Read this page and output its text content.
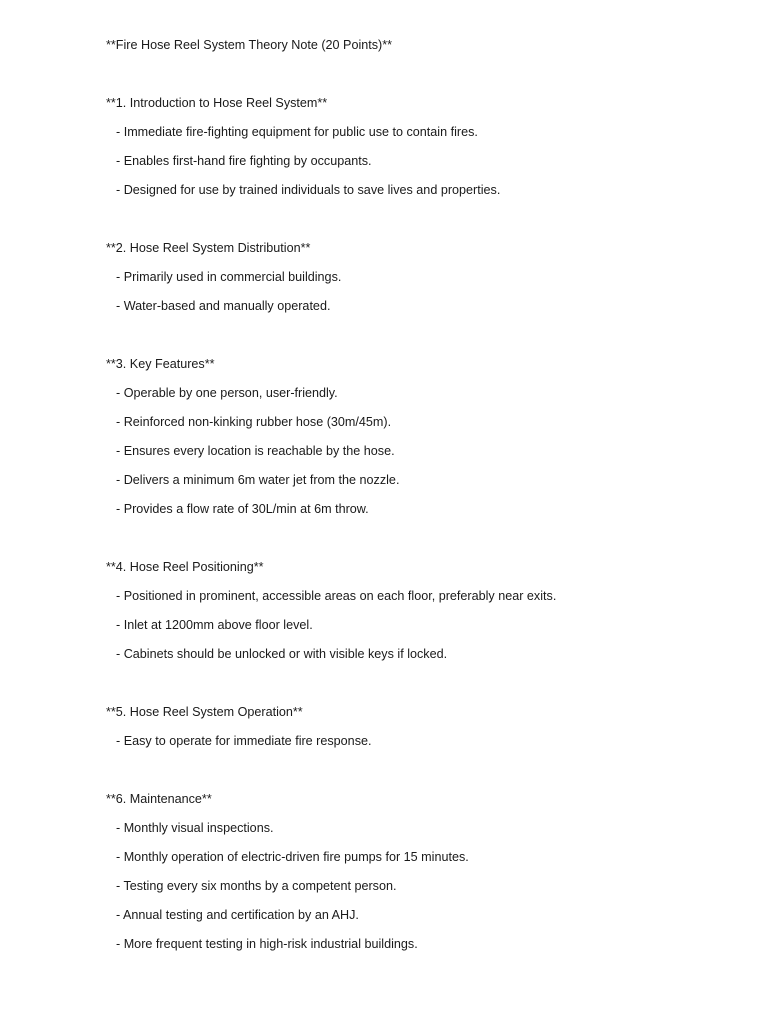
**Fire Hose Reel System Theory Note (20 Points)**
**1. Introduction to Hose Reel System**
- Immediate fire-fighting equipment for public use to contain fires.
- Enables first-hand fire fighting by occupants.
- Designed for use by trained individuals to save lives and properties.
**2. Hose Reel System Distribution**
- Primarily used in commercial buildings.
- Water-based and manually operated.
**3. Key Features**
- Operable by one person, user-friendly.
- Reinforced non-kinking rubber hose (30m/45m).
- Ensures every location is reachable by the hose.
- Delivers a minimum 6m water jet from the nozzle.
- Provides a flow rate of 30L/min at 6m throw.
**4. Hose Reel Positioning**
- Positioned in prominent, accessible areas on each floor, preferably near exits.
- Inlet at 1200mm above floor level.
- Cabinets should be unlocked or with visible keys if locked.
**5. Hose Reel System Operation**
- Easy to operate for immediate fire response.
**6. Maintenance**
- Monthly visual inspections.
- Monthly operation of electric-driven fire pumps for 15 minutes.
- Testing every six months by a competent person.
- Annual testing and certification by an AHJ.
- More frequent testing in high-risk industrial buildings.
